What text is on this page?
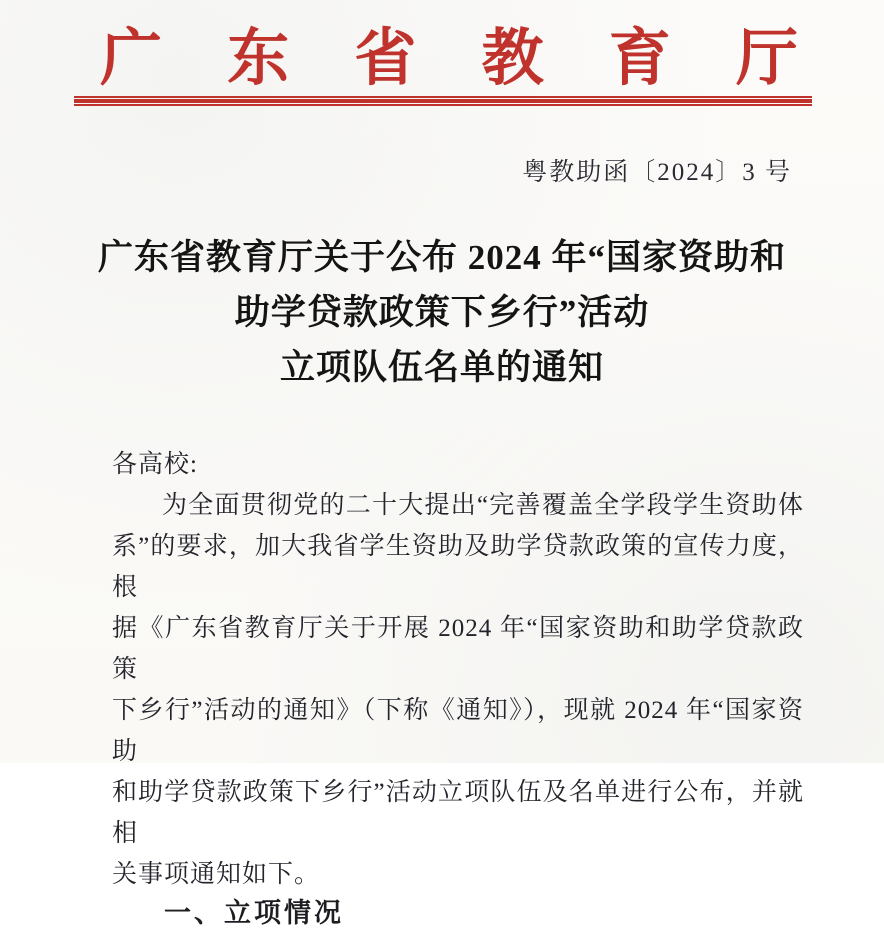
广 东 省 教 育 厅
粤教助函〔2024〕3 号
广东省教育厅关于公布 2024 年“国家资助和
助学贷款政策下乡行”活动
立项队伍名单的通知
各高校:
为全面贯彻党的二十大提出“完善覆盖全学段学生资助体
系”的要求，加大我省学生资助及助学贷款政策的宣传力度，根
据《广东省教育厅关于开展 2024 年“国家资助和助学贷款政策
下乡行”活动的通知》（下称《通知》），现就 2024 年“国家资助
和助学贷款政策下乡行”活动立项队伍及名单进行公布，并就相
关事项通知如下。
一、立项情况
